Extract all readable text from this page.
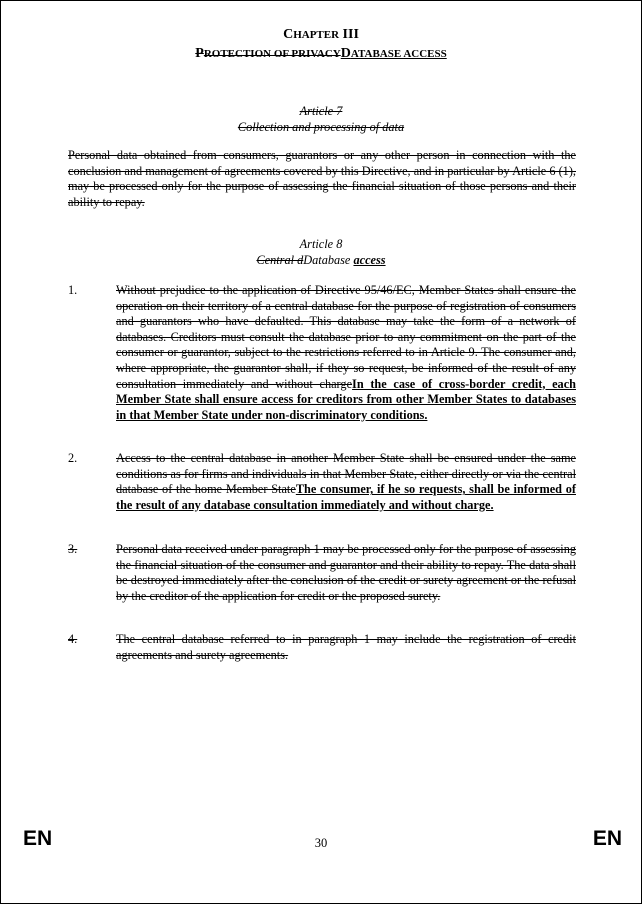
CHAPTER III
PROTECTION OF PRIVACYDATABASE ACCESS
Article 7
Collection and processing of data
Personal data obtained from consumers, guarantors or any other person in connection with the conclusion and management of agreements covered by this Directive, and in particular by Article 6 (1), may be processed only for the purpose of assessing the financial situation of those persons and their ability to repay.
Article 8
Central dDatabase access
1.	Without prejudice to the application of Directive 95/46/EC, Member States shall ensure the operation on their territory of a central database for the purpose of registration of consumers and guarantors who have defaulted. This database may take the form of a network of databases. Creditors must consult the database prior to any commitment on the part of the consumer or guarantor, subject to the restrictions referred to in Article 9. The consumer and, where appropriate, the guarantor shall, if they so request, be informed of the result of any consultation immediately and without chargeIn the case of cross-border credit, each Member State shall ensure access for creditors from other Member States to databases in that Member State under non-discriminatory conditions.
2.	Access to the central database in another Member State shall be ensured under the same conditions as for firms and individuals in that Member State, either directly or via the central database of the home Member StateThe consumer, if he so requests, shall be informed of the result of any database consultation immediately and without charge.
3.	Personal data received under paragraph 1 may be processed only for the purpose of assessing the financial situation of the consumer and guarantor and their ability to repay. The data shall be destroyed immediately after the conclusion of the credit or surety agreement or the refusal by the creditor of the application for credit or the proposed surety.
4.	The central database referred to in paragraph 1 may include the registration of credit agreements and surety agreements.
EN	30	EN
